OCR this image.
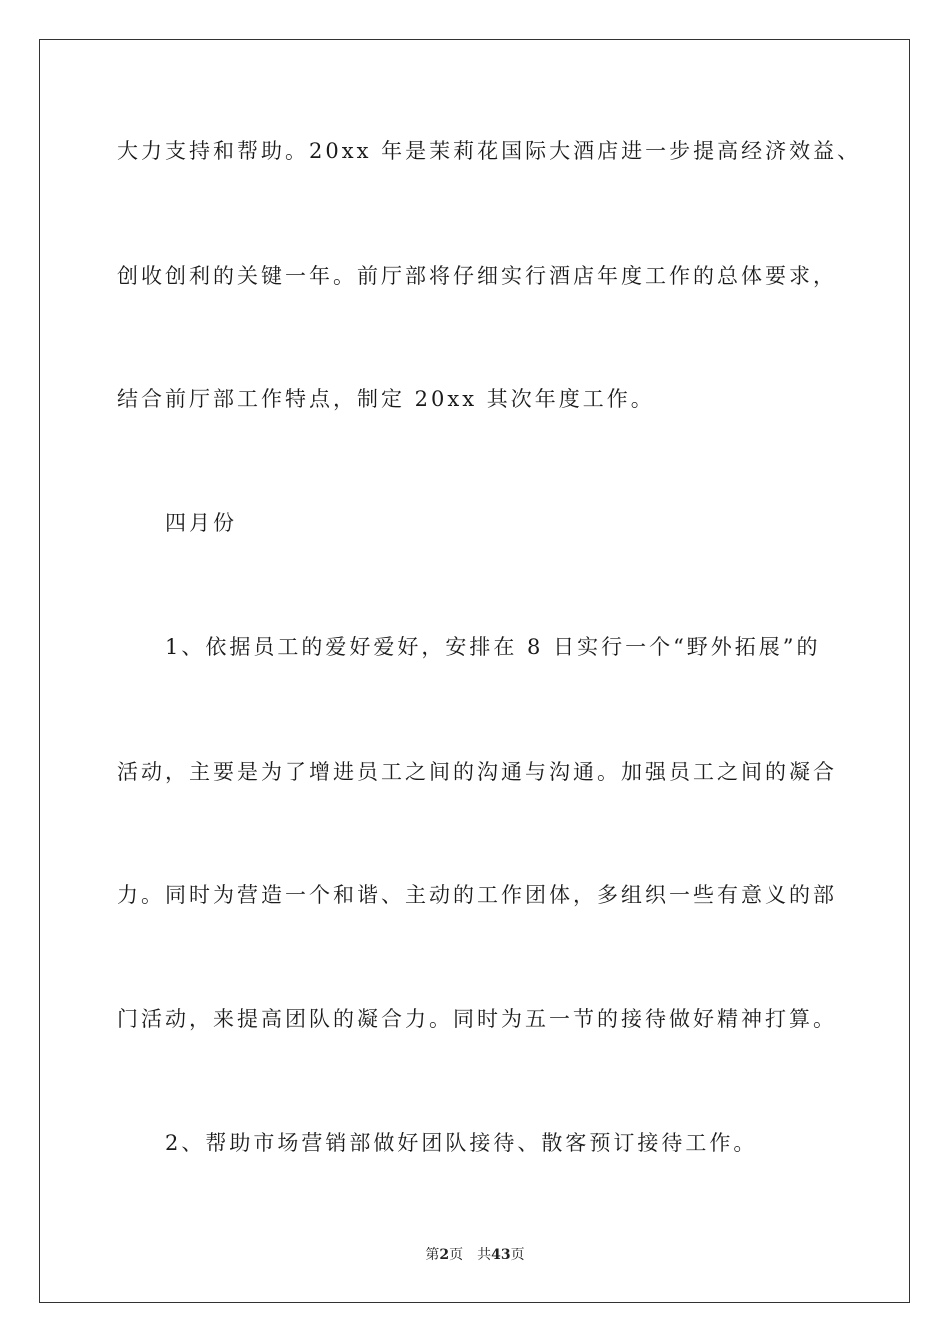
大力支持和帮助。20xx 年是茉莉花国际大酒店进一步提高经济效益、
创收创利的关键一年。前厅部将仔细实行酒店年度工作的总体要求，
结合前厅部工作特点，制定 20xx 其次年度工作。
四月份
1、依据员工的爱好爱好，安排在 8 日实行一个“野外拓展”的
活动，主要是为了增进员工之间的沟通与沟通。加强员工之间的凝合
力。同时为营造一个和谐、主动的工作团体，多组织一些有意义的部
门活动，来提高团队的凝合力。同时为五一节的接待做好精神打算。
2、帮助市场营销部做好团队接待、散客预订接待工作。
第2页 共43页
